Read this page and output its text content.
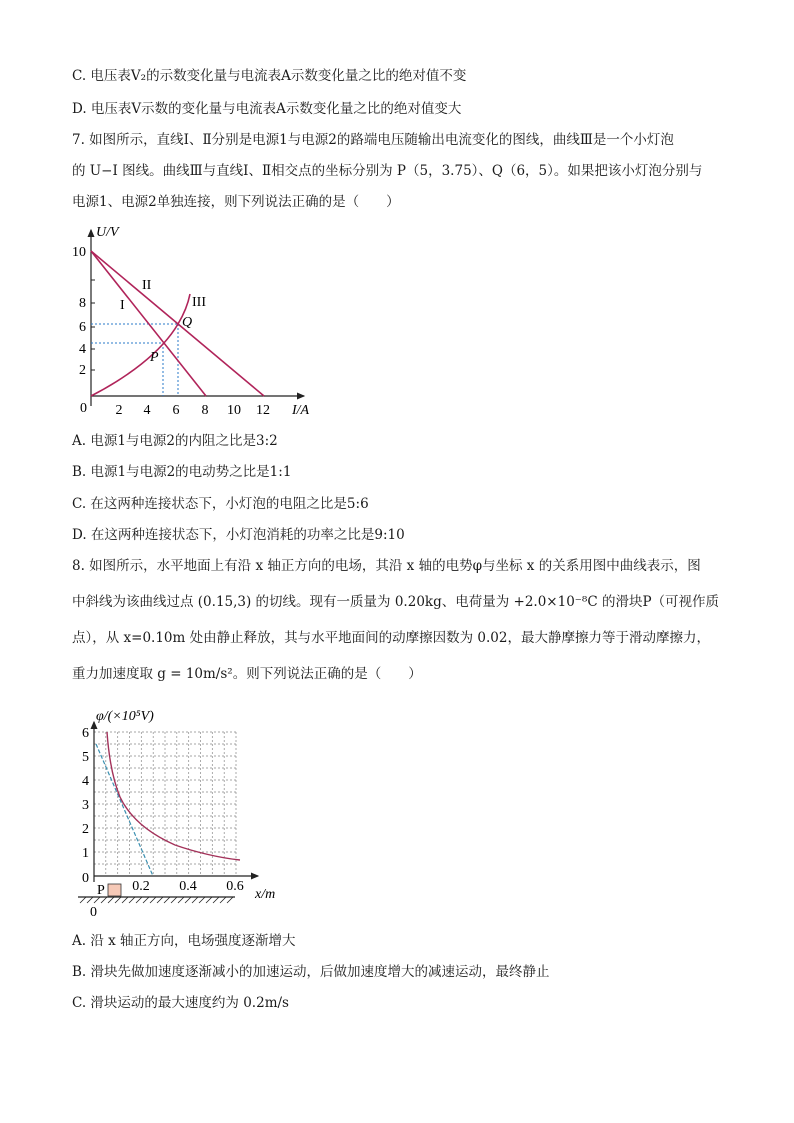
C. 电压表V₂的示数变化量与电流表A示数变化量之比的绝对值不变
D. 电压表V示数的变化量与电流表A示数变化量之比的绝对值变大
7. 如图所示，直线Ⅰ、Ⅱ分别是电源1与电源2的路端电压随输出电流变化的图线，曲线Ⅲ是一个小灯泡
的 U−I 图线。曲线Ⅲ与直线Ⅰ、Ⅱ相交点的坐标分别为 P（5，3.75）、Q（6，5）。如果把该小灯泡分别与
电源1、电源2单独连接，则下列说法正确的是（　　）
2
4
6
8
10
0 2 4 6 8 10 12
U/V
I/A
I
II
III
Q
P
A. 电源1与电源2的内阻之比是3:2
B. 电源1与电源2的电动势之比是1:1
C. 在这两种连接状态下，小灯泡的电阻之比是5:6
D. 在这两种连接状态下，小灯泡消耗的功率之比是9:10
8. 如图所示，水平地面上有沿 x 轴正方向的电场，其沿 x 轴的电势φ与坐标 x 的关系用图中曲线表示，图
中斜线为该曲线过点 (0.15,3) 的切线。现有一质量为 0.20kg、电荷量为 +2.0×10⁻⁸C 的滑块P（可视作质
点），从 x=0.10m 处由静止释放，其与水平地面间的动摩擦因数为 0.02，最大静摩擦力等于滑动摩擦力，
重力加速度取 g = 10m/s²。则下列说法正确的是（　　）
0
1
2
3
4
5
6
φ/(×10⁵V)
0.2 0.4 0.6
x/m
P
0
A. 沿 x 轴正方向，电场强度逐渐增大
B. 滑块先做加速度逐渐减小的加速运动，后做加速度增大的减速运动，最终静止
C. 滑块运动的最大速度约为 0.2m/s
